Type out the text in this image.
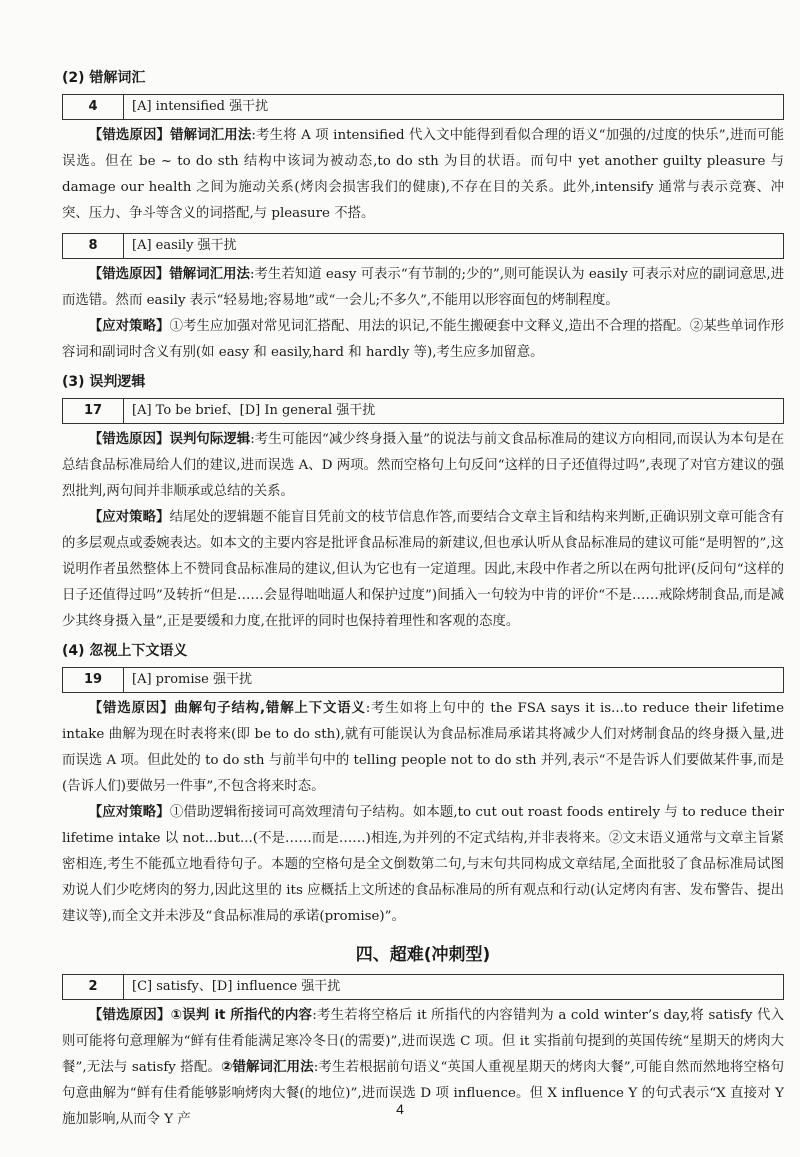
(2) 错解词汇
4	[A] intensified 强干扰

【错选原因】错解词汇用法:考生将 A 项 intensified 代入文中能得到看似合理的语义“加强的/过度的快乐”,进而可能误选。但在 be ~ to do sth 结构中该词为被动态,to do sth 为目的状语。而句中 yet another guilty pleasure 与 damage our health 之间为施动关系(烤肉会损害我们的健康),不存在目的关系。此外,intensify 通常与表示竞赛、冲突、压力、争斗等含义的词搭配,与 pleasure 不搭。

8	[A] easily 强干扰

【错选原因】错解词汇用法:考生若知道 easy 可表示“有节制的;少的”,则可能误认为 easily 可表示对应的副词意思,进而选错。然而 easily 表示“轻易地;容易地”或“一会儿;不多久”,不能用以形容面包的烤制程度。

【应对策略】①考生应加强对常见词汇搭配、用法的识记,不能生搬硬套中文释义,造出不合理的搭配。②某些单词作形容词和副词时含义有别(如 easy 和 easily,hard 和 hardly 等),考生应多加留意。

(3) 误判逻辑
17	[A] To be brief、[D] In general 强干扰

【错选原因】误判句际逻辑:考生可能因“减少终身摄入量”的说法与前文食品标准局的建议方向相同,而误认为本句是在总结食品标准局给人们的建议,进而误选 A、D 两项。然而空格句上句反问“这样的日子还值得过吗”,表现了对官方建议的强烈批判,两句间并非顺承或总结的关系。

【应对策略】结尾处的逻辑题不能盲目凭前文的枝节信息作答,而要结合文章主旨和结构来判断,正确识别文章可能含有的多层观点或委婉表达。如本文的主要内容是批评食品标准局的新建议,但也承认听从食品标准局的建议可能“是明智的”,这说明作者虽然整体上不赞同食品标准局的建议,但认为它也有一定道理。因此,末段中作者之所以在两句批评(反问句“这样的日子还值得过吗”及转折“但是……会显得咄咄逼人和保护过度”)间插入一句较为中肯的评价“不是……戒除烤制食品,而是减少其终身摄入量”,正是要缓和力度,在批评的同时也保持着理性和客观的态度。

(4) 忽视上下文语义
19	[A] promise 强干扰

【错选原因】曲解句子结构,错解上下文语义:考生如将上句中的 the FSA says it is...to reduce their lifetime intake 曲解为现在时表将来(即 be to do sth),就有可能误认为食品标准局承诺其将减少人们对烤制食品的终身摄入量,进而误选 A 项。但此处的 to do sth 与前半句中的 telling people not to do sth 并列,表示“不是告诉人们要做某件事,而是(告诉人们)要做另一件事”,不包含将来时态。

【应对策略】①借助逻辑衔接词可高效理清句子结构。如本题,to cut out roast foods entirely 与 to reduce their lifetime intake 以 not...but...(不是……而是……)相连,为并列的不定式结构,并非表将来。②文末语义通常与文章主旨紧密相连,考生不能孤立地看待句子。本题的空格句是全文倒数第二句,与末句共同构成文章结尾,全面批驳了食品标准局试图劝说人们少吃烤肉的努力,因此这里的 its 应概括上文所述的食品标准局的所有观点和行动(认定烤肉有害、发布警告、提出建议等),而全文并未涉及“食品标准局的承诺(promise)”。

四、超难(冲刺型)
2	[C] satisfy、[D] influence 强干扰

【错选原因】①误判 it 所指代的内容:考生若将空格后 it 所指代的内容错判为 a cold winter’s day,将 satisfy 代入则可能将句意理解为“鲜有佳肴能满足寒冷冬日(的需要)”,进而误选 C 项。但 it 实指前句提到的英国传统“星期天的烤肉大餐”,无法与 satisfy 搭配。②错解词汇用法:考生若根据前句语义“英国人重视星期天的烤肉大餐”,可能自然而然地将空格句句意曲解为“鲜有佳肴能够影响烤肉大餐(的地位)”,进而误选 D 项 influence。但 X influence Y 的句式表示“X 直接对 Y 施加影响,从而令 Y 产

4
